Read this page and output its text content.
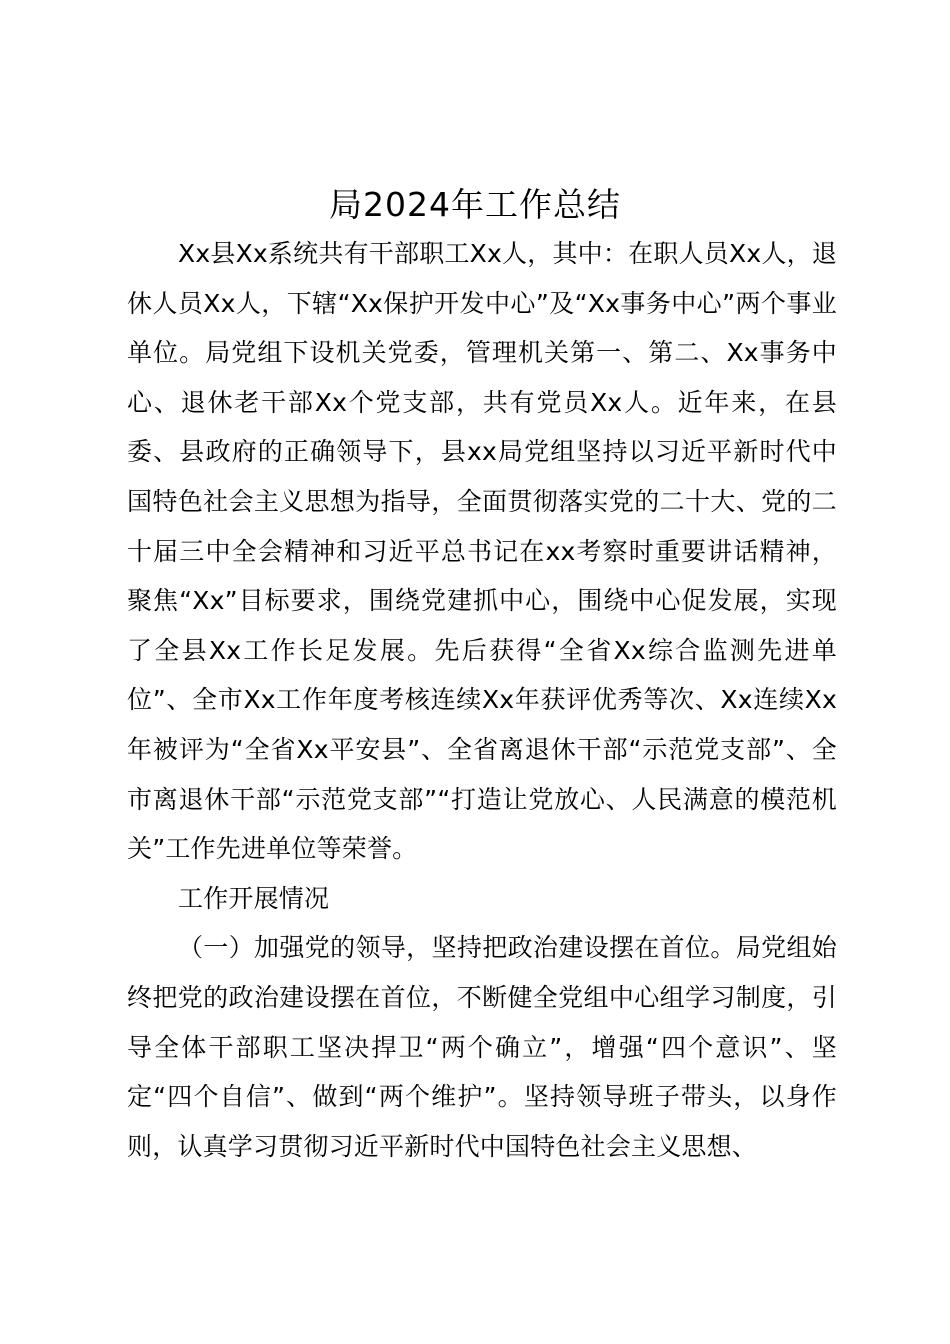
局2024年工作总结

Xx县Xx系统共有干部职工Xx人，其中：在职人员Xx人，退休人员Xx人，下辖“Xx保护开发中心”及“Xx事务中心”两个事业单位。局党组下设机关党委，管理机关第一、第二、Xx事务中心、退休老干部Xx个党支部，共有党员Xx人。近年来，在县委、县政府的正确领导下，县xx局党组坚持以习近平新时代中国特色社会主义思想为指导，全面贯彻落实党的二十大、党的二十届三中全会精神和习近平总书记在xx考察时重要讲话精神，聚焦“Xx”目标要求，围绕党建抓中心，围绕中心促发展，实现了全县Xx工作长足发展。先后获得“全省Xx综合监测先进单位”、全市Xx工作年度考核连续Xx年获评优秀等次、Xx连续Xx年被评为“全省Xx平安县”、全省离退休干部“示范党支部”、全市离退休干部“示范党支部”“打造让党放心、人民满意的模范机关”工作先进单位等荣誉。

工作开展情况

（一）加强党的领导，坚持把政治建设摆在首位。局党组始终把党的政治建设摆在首位，不断健全党组中心组学习制度，引导全体干部职工坚决捍卫“两个确立”，增强“四个意识”、坚定“四个自信”、做到“两个维护”。坚持领导班子带头，以身作则，认真学习贯彻习近平新时代中国特色社会主义思想、
